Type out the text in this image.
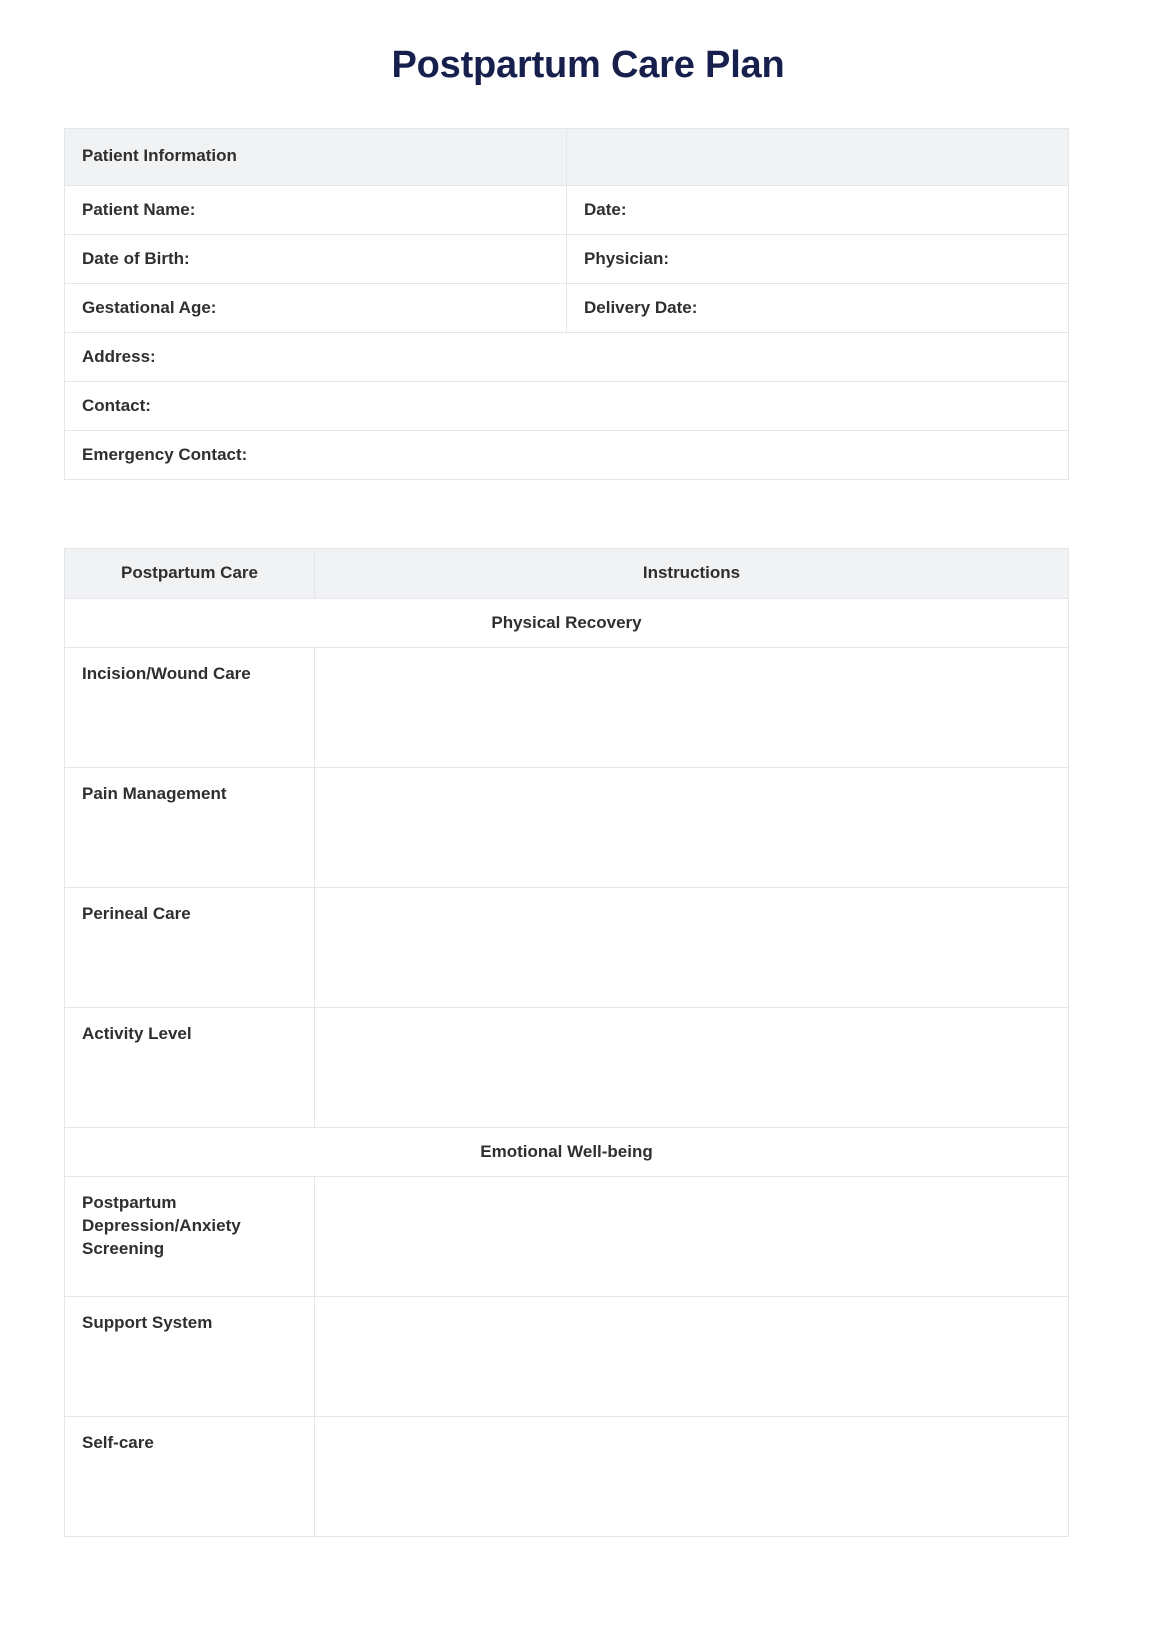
Postpartum Care Plan
Patient Information	
Patient Name:	Date:
Date of Birth:	Physician:
Gestational Age:	Delivery Date:
Address:	
Contact:	
Emergency Contact:	
Postpartum Care	Instructions
Physical Recovery	
Incision/Wound Care	
Pain Management	
Perineal Care	
Activity Level	
Emotional Well-being	
Postpartum Depression/Anxiety Screening	
Support System	
Self-care	
